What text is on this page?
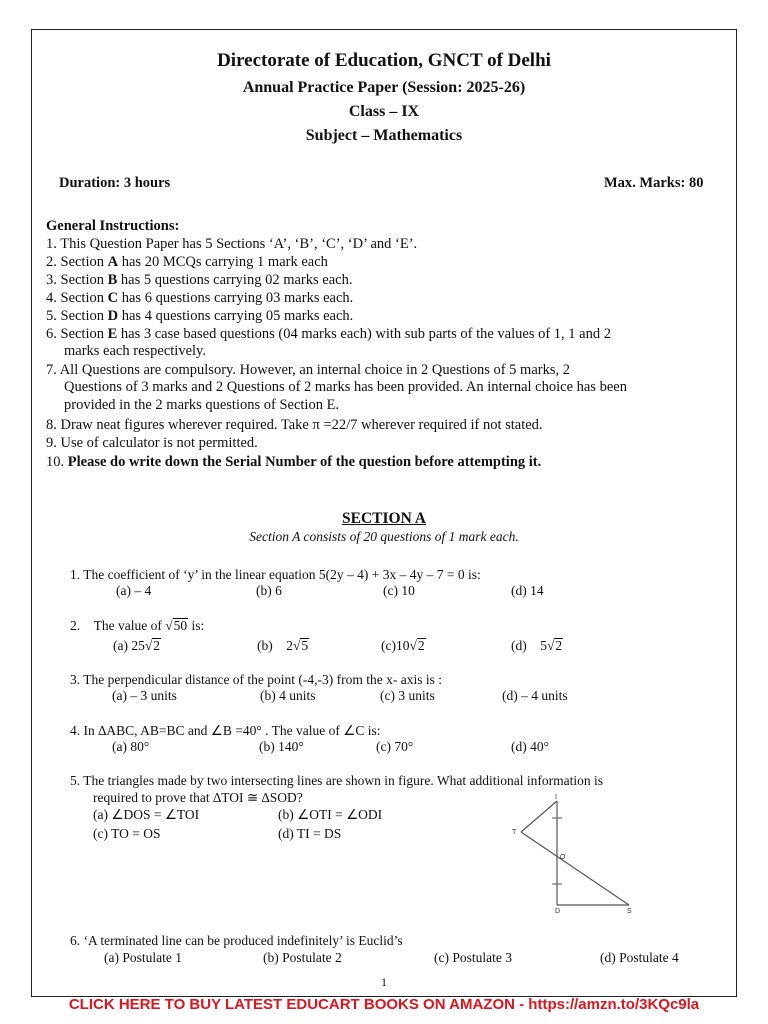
Directorate of Education, GNCT of Delhi
Annual Practice Paper (Session: 2025-26)
Class – IX
Subject – Mathematics
Duration: 3 hours	Max. Marks: 80
General Instructions:
1. This Question Paper has 5 Sections ‘A’, ‘B’, ‘C’, ‘D’ and ‘E’.
2. Section A has 20 MCQs carrying 1 mark each
3. Section B has 5 questions carrying 02 marks each.
4. Section C has 6 questions carrying 03 marks each.
5. Section D has 4 questions carrying 05 marks each.
6. Section E has 3 case based questions (04 marks each) with sub parts of the values of 1, 1 and 2
marks each respectively.
7. All Questions are compulsory. However, an internal choice in 2 Questions of 5 marks, 2
Questions of 3 marks and 2 Questions of 2 marks has been provided. An internal choice has been
provided in the 2 marks questions of Section E.
8. Draw neat figures wherever required. Take π =22/7 wherever required if not stated.
9. Use of calculator is not permitted.
10. Please do write down the Serial Number of the question before attempting it.
SECTION A
Section A consists of 20 questions of 1 mark each.
1. The coefficient of ‘y’ in the linear equation 5(2y – 4) + 3x – 4y – 7 = 0 is:
(a) – 4	(b) 6	(c) 10	(d) 14
2. The value of √50 is:
(a) 25√2	(b) 2√5	(c)10√2	(d) 5√2
3. The perpendicular distance of the point (-4,-3) from the x- axis is :
(a) – 3 units	(b) 4 units	(c) 3 units	(d) – 4 units
4. In ∆ABC, AB=BC and ∠B =40° . The value of ∠C is:
(a) 80°	(b) 140°	(c) 70°	(d) 40°
5. The triangles made by two intersecting lines are shown in figure. What additional information is
required to prove that ∆TOI ≅ ∆SOD?
(a) ∠DOS = ∠TOI	(b) ∠OTI = ∠ODI
(c) TO = OS	(d) TI = DS
I
T
O
D	S
6. ‘A terminated line can be produced indefinitely’ is Euclid’s
(a) Postulate 1	(b) Postulate 2	(c) Postulate 3	(d) Postulate 4
1
CLICK HERE TO BUY LATEST EDUCART BOOKS ON AMAZON - https://amzn.to/3KQc9la
